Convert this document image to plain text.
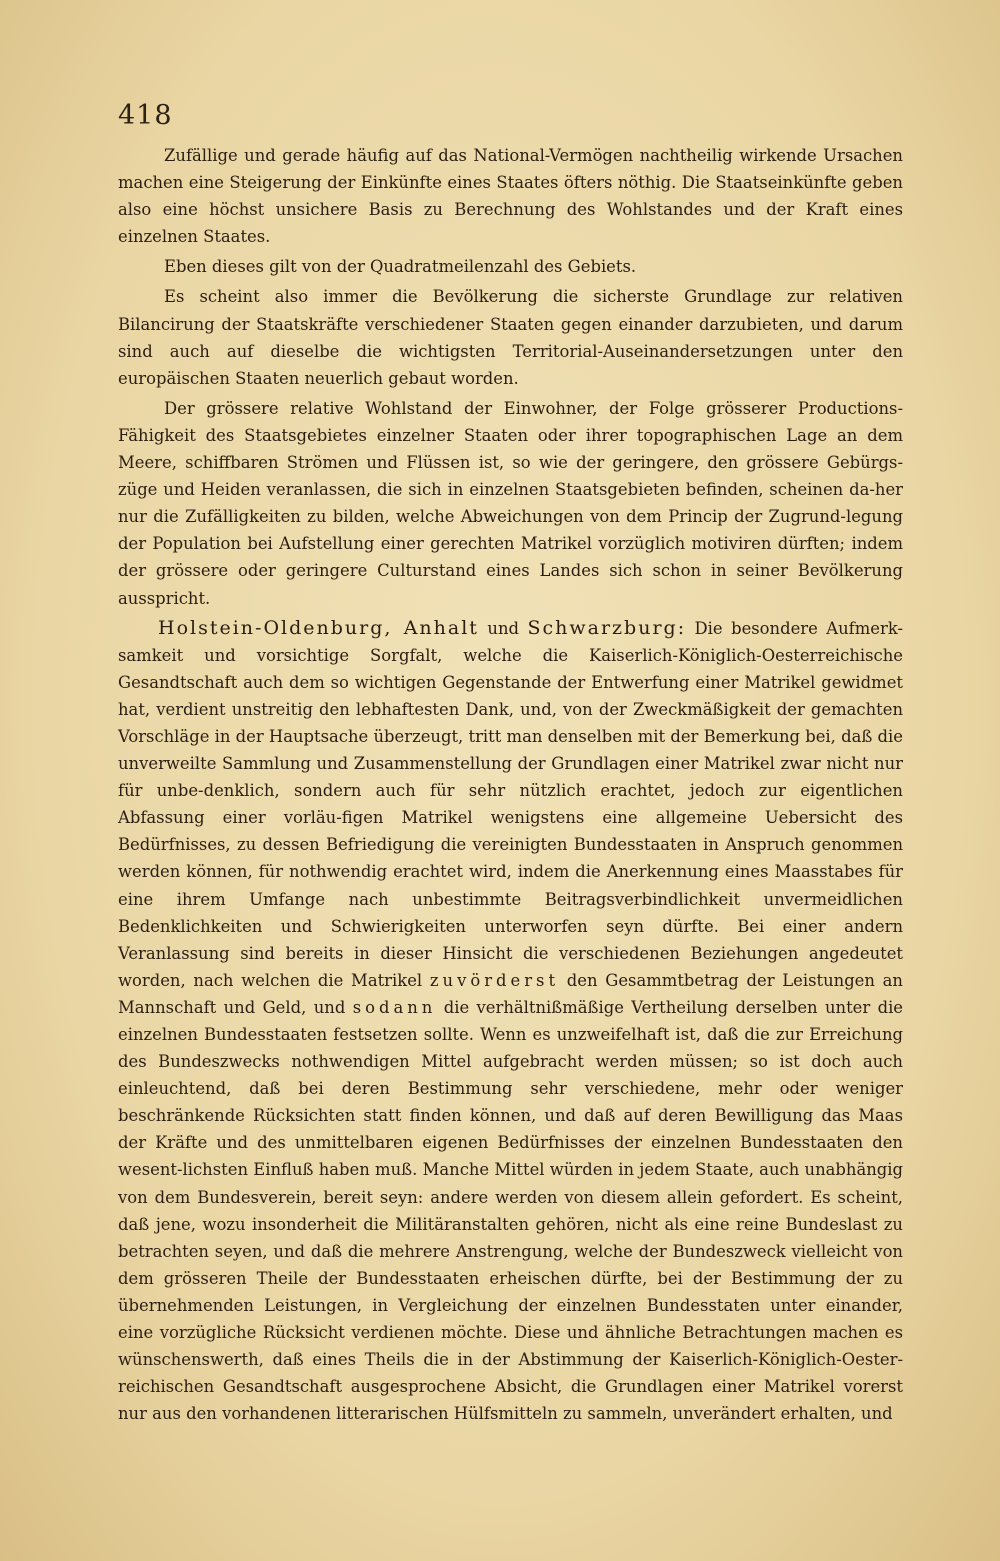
418

Zufällige und gerade häufig auf das National-Vermögen nachtheilig wirkende Ursachen machen eine Steigerung der Einkünfte eines Staates öfters nöthig. Die Staatseinkünfte geben also eine höchst unsichere Basis zu Berechnung des Wohlstandes und der Kraft eines einzelnen Staates.

Eben dieses gilt von der Quadratmeilenzahl des Gebiets.

Es scheint also immer die Bevölkerung die sicherste Grundlage zur relativen Bilancirung der Staatskräfte verschiedener Staaten gegen einander darzubieten, und darum sind auch auf dieselbe die wichtigsten Territorial-Auseinandersetzungen unter den europäischen Staaten neuerlich gebaut worden.

Der grössere relative Wohlstand der Einwohner, der Folge grösserer Productions-Fähigkeit des Staatsgebietes einzelner Staaten oder ihrer topographischen Lage an dem Meere, schiffbaren Strömen und Flüssen ist, so wie der geringere, den grössere Gebürgs-züge und Heiden veranlassen, die sich in einzelnen Staatsgebieten befinden, scheinen da-her nur die Zufälligkeiten zu bilden, welche Abweichungen von dem Princip der Zugrund-legung der Population bei Aufstellung einer gerechten Matrikel vorzüglich motiviren dürften; indem der grössere oder geringere Culturstand eines Landes sich schon in seiner Bevölkerung ausspricht.

Holstein-Oldenburg, Anhalt und Schwarzburg: Die besondere Aufmerk-samkeit und vorsichtige Sorgfalt, welche die Kaiserlich-Königlich-Oesterreichische Gesandtschaft auch dem so wichtigen Gegenstande der Entwerfung einer Matrikel gewidmet hat, verdient unstreitig den lebhaftesten Dank, und, von der Zweckmäßigkeit der gemachten Vorschläge in der Hauptsache überzeugt, tritt man denselben mit der Bemerkung bei, daß die unverweilte Sammlung und Zusammenstellung der Grundlagen einer Matrikel zwar nicht nur für unbe-denklich, sondern auch für sehr nützlich erachtet, jedoch zur eigentlichen Abfassung einer vorläu-figen Matrikel wenigstens eine allgemeine Uebersicht des Bedürfnisses, zu dessen Befriedigung die vereinigten Bundesstaaten in Anspruch genommen werden können, für nothwendig erachtet wird, indem die Anerkennung eines Maasstabes für eine ihrem Umfange nach unbestimmte Beitragsverbindlichkeit unvermeidlichen Bedenklichkeiten und Schwierigkeiten unterworfen seyn dürfte. Bei einer andern Veranlassung sind bereits in dieser Hinsicht die verschiedenen Beziehungen angedeutet worden, nach welchen die Matrikel zuvörderst den Gesammtbetrag der Leistungen an Mannschaft und Geld, und sodann die verhältnißmäßige Vertheilung derselben unter die einzelnen Bundesstaaten festsetzen sollte. Wenn es unzweifelhaft ist, daß die zur Erreichung des Bundeszwecks nothwendigen Mittel aufgebracht werden müssen; so ist doch auch einleuchtend, daß bei deren Bestimmung sehr verschiedene, mehr oder weniger beschränkende Rücksichten statt finden können, und daß auf deren Bewilligung das Maas der Kräfte und des unmittelbaren eigenen Bedürfnisses der einzelnen Bundesstaaten den wesent-lichsten Einfluß haben muß. Manche Mittel würden in jedem Staate, auch unabhängig von dem Bundesverein, bereit seyn: andere werden von diesem allein gefordert. Es scheint, daß jene, wozu insonderheit die Militäranstalten gehören, nicht als eine reine Bundeslast zu betrachten seyen, und daß die mehrere Anstrengung, welche der Bundeszweck vielleicht von dem grösseren Theile der Bundesstaaten erheischen dürfte, bei der Bestimmung der zu übernehmenden Leistungen, in Vergleichung der einzelnen Bundesstaten unter einander, eine vorzügliche Rücksicht verdienen möchte. Diese und ähnliche Betrachtungen machen es wünschenswerth, daß eines Theils die in der Abstimmung der Kaiserlich-Königlich-Oester-reichischen Gesandtschaft ausgesprochene Absicht, die Grundlagen einer Matrikel vorerst nur aus den vorhandenen litterarischen Hülfsmitteln zu sammeln, unverändert erhalten, und
